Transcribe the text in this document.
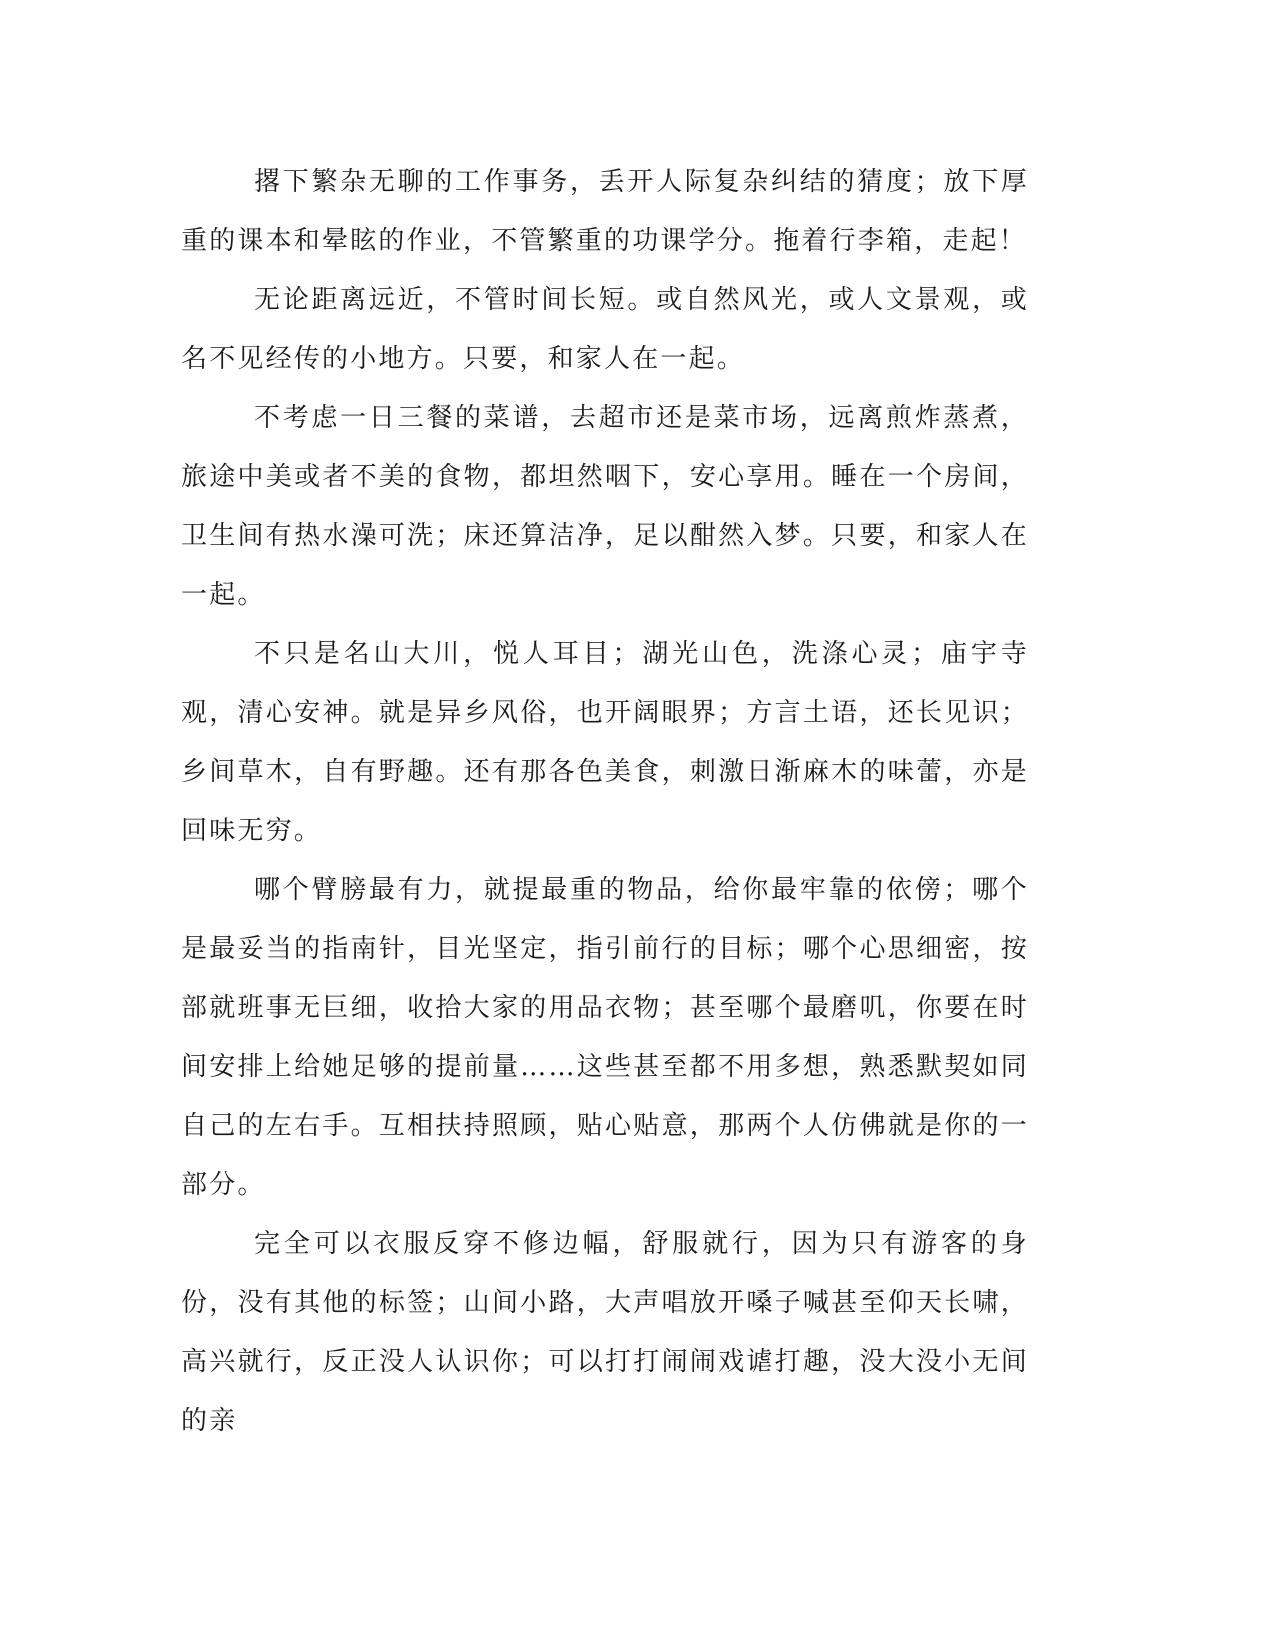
撂下繁杂无聊的工作事务，丢开人际复杂纠结的猜度；放下厚重的课本和晕眩的作业，不管繁重的功课学分。拖着行李箱，走起！

无论距离远近，不管时间长短。或自然风光，或人文景观，或名不见经传的小地方。只要，和家人在一起。

不考虑一日三餐的菜谱，去超市还是菜市场，远离煎炸蒸煮，旅途中美或者不美的食物，都坦然咽下，安心享用。睡在一个房间，卫生间有热水澡可洗；床还算洁净，足以酣然入梦。只要，和家人在一起。

不只是名山大川，悦人耳目；湖光山色，洗涤心灵；庙宇寺观，清心安神。就是异乡风俗，也开阔眼界；方言土语，还长见识；乡间草木，自有野趣。还有那各色美食，刺激日渐麻木的味蕾，亦是回味无穷。

哪个臂膀最有力，就提最重的物品，给你最牢靠的依傍；哪个是最妥当的指南针，目光坚定，指引前行的目标；哪个心思细密，按部就班事无巨细，收拾大家的用品衣物；甚至哪个最磨叽，你要在时间安排上给她足够的提前量……这些甚至都不用多想，熟悉默契如同自己的左右手。互相扶持照顾，贴心贴意，那两个人仿佛就是你的一部分。

完全可以衣服反穿不修边幅，舒服就行，因为只有游客的身份，没有其他的标签；山间小路，大声唱放开嗓子喊甚至仰天长啸，高兴就行，反正没人认识你；可以打打闹闹戏谑打趣，没大没小无间的亲
